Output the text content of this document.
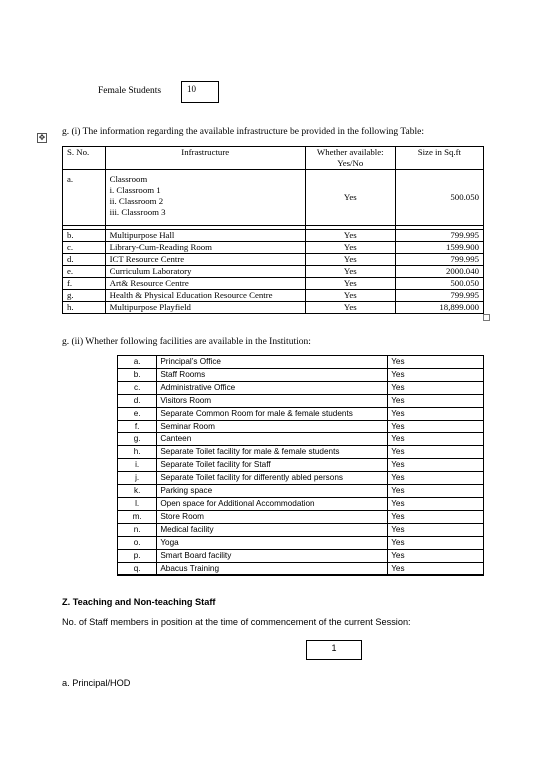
Female Students	10
✥
g. (i) The information regarding the available infrastructure be provided in the following Table:
S. No.	Infrastructure	Whether available: Yes/No	Size in Sq.ft
a.	Classroom
i. Classroom 1
ii. Classroom 2
iii. Classroom 3	Yes	500.050

b.	Multipurpose Hall	Yes	799.995
c.	Library-Cum-Reading Room	Yes	1599.900
d.	ICT Resource Centre	Yes	799.995
e.	Curriculum Laboratory	Yes	2000.040
f.	Art& Resource Centre	Yes	500.050
g.	Health & Physical Education Resource Centre	Yes	799.995
h.	Multipurpose Playfield	Yes	18,899.000
g. (ii) Whether following facilities are available in the Institution:
a.	Principal’s Office	Yes
b.	Staff Rooms	Yes
c.	Administrative Office	Yes
d.	Visitors Room	Yes
e.	Separate Common Room for male & female students	Yes
f.	Seminar Room	Yes
g.	Canteen	Yes
h.	Separate Toilet facility for male & female students	Yes
i.	Separate Toilet facility for Staff	Yes
j.	Separate Toilet facility for differently abled persons	Yes
k.	Parking space	Yes
l.	Open space for Additional Accommodation	Yes
m.	Store Room	Yes
n.	Medical facility	Yes
o.	Yoga	Yes
p.	Smart Board facility	Yes
q.	Abacus Training	Yes
Z. Teaching and Non-teaching Staff
No. of Staff members in position at the time of commencement of the current Session:
1
a. Principal/HOD
